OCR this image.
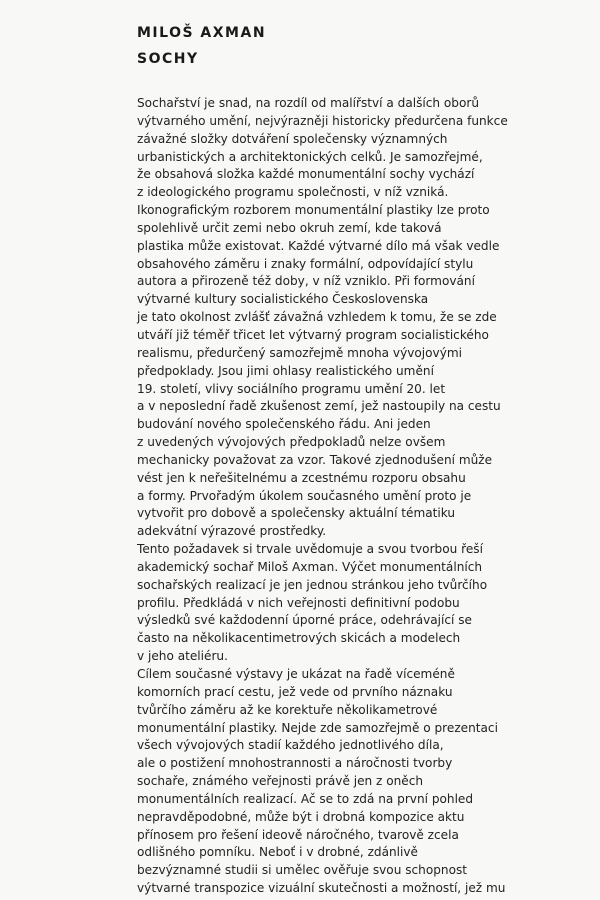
MILOŠ AXMAN
SOCHY
Sochařství je snad, na rozdíl od malířství a dalších oborů
výtvarného umění, nejvýrazněji historicky předurčena funkce
závažné složky dotváření společensky významných
urbanistických a architektonických celků. Je samozřejmé,
že obsahová složka každé monumentální sochy vychází
z ideologického programu společnosti, v níž vzniká.
Ikonografickým rozborem monumentální plastiky lze proto
spolehlivě určit zemi nebo okruh zemí, kde taková
plastika může existovat. Každé výtvarné dílo má však vedle
obsahového záměru i znaky formální, odpovídající stylu
autora a přirozeně též doby, v níž vzniklo. Při formování
výtvarné kultury socialistického Československa
je tato okolnost zvlášť závažná vzhledem k tomu, že se zde
utváří již téměř třicet let výtvarný program socialistického
realismu, předurčený samozřejmě mnoha vývojovými
předpoklady. Jsou jimi ohlasy realistického umění
19. století, vlivy sociálního programu umění 20. let
a v neposlední řadě zkušenost zemí, jež nastoupily na cestu
budování nového společenského řádu. Ani jeden
z uvedených vývojových předpokladů nelze ovšem
mechanicky považovat za vzor. Takové zjednodušení může
vést jen k neřešitelnému a zcestnému rozporu obsahu
a formy. Prvořadým úkolem současného umění proto je
vytvořit pro dobově a společensky aktuální tématiku
adekvátní výrazové prostředky.
Tento požadavek si trvale uvědomuje a svou tvorbou řeší
akademický sochař Miloš Axman. Výčet monumentálních
sochařských realizací je jen jednou stránkou jeho tvůrčího
profilu. Předkládá v nich veřejnosti definitivní podobu
výsledků své každodenní úporné práce, odehrávající se
často na několikacentimetrových skicách a modelech
v jeho ateliéru.
Cílem současné výstavy je ukázat na řadě víceméně
komorních prací cestu, jež vede od prvního náznaku
tvůrčího záměru až ke korektuře několikametrové
monumentální plastiky. Nejde zde samozřejmě o prezentaci
všech vývojových stadií každého jednotlivého díla,
ale o postižení mnohostrannosti a náročnosti tvorby
sochaře, známého veřejnosti právě jen z oněch
monumentálních realizací. Ač se to zdá na první pohled
nepravděpodobné, může být i drobná kompozice aktu
přínosem pro řešení ideově náročného, tvarově zcela
odlišného pomníku. Neboť i v drobné, zdánlivě
bezvýznamné studii si umělec ověřuje svou schopnost
výtvarné transpozice vizuální skutečnosti a možností, jež mu
